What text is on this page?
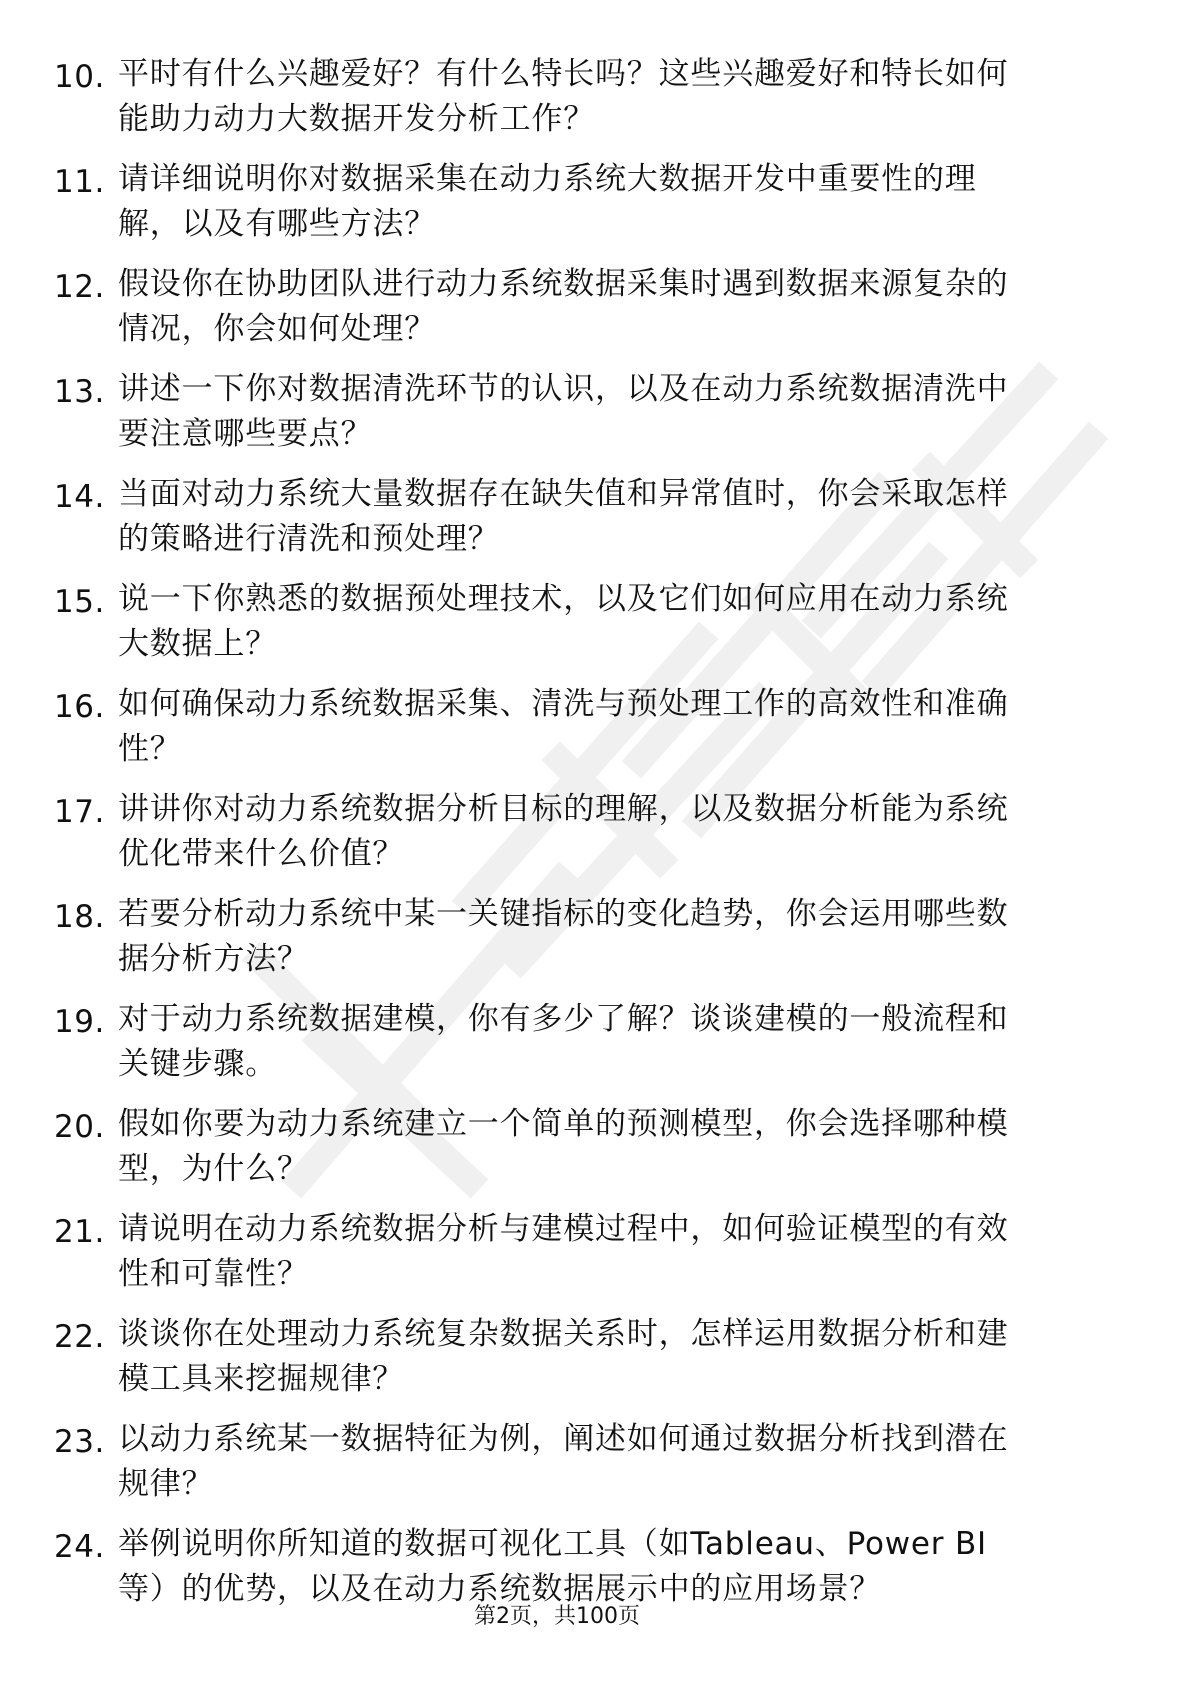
10. 平时有什么兴趣爱好？有什么特长吗？这些兴趣爱好和特长如何能助力动力大数据开发分析工作？
11. 请详细说明你对数据采集在动力系统大数据开发中重要性的理解，以及有哪些方法？
12. 假设你在协助团队进行动力系统数据采集时遇到数据来源复杂的情况，你会如何处理？
13. 讲述一下你对数据清洗环节的认识，以及在动力系统数据清洗中要注意哪些要点？
14. 当面对动力系统大量数据存在缺失值和异常值时，你会采取怎样的策略进行清洗和预处理？
15. 说一下你熟悉的数据预处理技术，以及它们如何应用在动力系统大数据上？
16. 如何确保动力系统数据采集、清洗与预处理工作的高效性和准确性？
17. 讲讲你对动力系统数据分析目标的理解，以及数据分析能为系统优化带来什么价值？
18. 若要分析动力系统中某一关键指标的变化趋势，你会运用哪些数据分析方法？
19. 对于动力系统数据建模，你有多少了解？谈谈建模的一般流程和关键步骤。
20. 假如你要为动力系统建立一个简单的预测模型，你会选择哪种模型，为什么？
21. 请说明在动力系统数据分析与建模过程中，如何验证模型的有效性和可靠性？
22. 谈谈你在处理动力系统复杂数据关系时，怎样运用数据分析和建模工具来挖掘规律？
23. 以动力系统某一数据特征为例，阐述如何通过数据分析找到潜在规律？
24. 举例说明你所知道的数据可视化工具（如Tableau、Power BI等）的优势，以及在动力系统数据展示中的应用场景？
第2页，共100页
